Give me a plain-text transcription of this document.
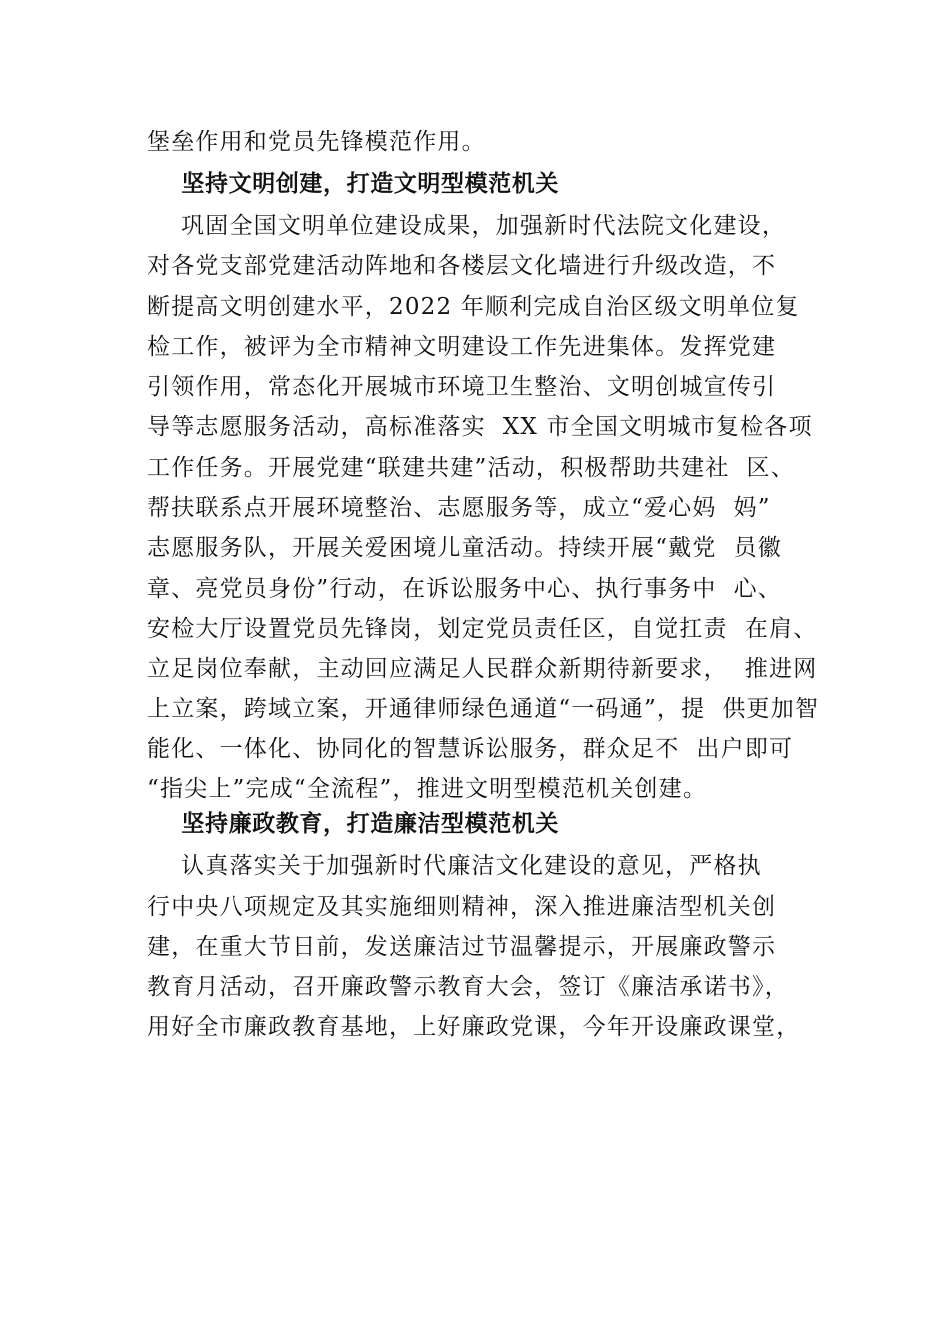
堡垒作用和党员先锋模范作用。
坚持文明创建，打造文明型模范机关
巩固全国文明单位建设成果，加强新时代法院文化建设，
对各党支部党建活动阵地和各楼层文化墙进行升级改造，不
断提高文明创建水平，2022 年顺利完成自治区级文明单位复
检工作，被评为全市精神文明建设工作先进集体。发挥党建
引领作用，常态化开展城市环境卫生整治、文明创城宣传引
导等志愿服务活动，高标准落实  XX 市全国文明城市复检各项
工作任务。开展党建“联建共建”活动，积极帮助共建社  区、
帮扶联系点开展环境整治、志愿服务等，成立“爱心妈  妈”
志愿服务队，开展关爱困境儿童活动。持续开展“戴党  员徽
章、亮党员身份”行动，在诉讼服务中心、执行事务中  心、
安检大厅设置党员先锋岗，划定党员责任区，自觉扛责  在肩、
立足岗位奉献，主动回应满足人民群众新期待新要求，  推进网
上立案，跨域立案，开通律师绿色通道“一码通”，提  供更加智
能化、一体化、协同化的智慧诉讼服务，群众足不  出户即可
“指尖上”完成“全流程”，推进文明型模范机关创建。
坚持廉政教育，打造廉洁型模范机关
认真落实关于加强新时代廉洁文化建设的意见，严格执
行中央八项规定及其实施细则精神，深入推进廉洁型机关创
建，在重大节日前，发送廉洁过节温馨提示，开展廉政警示
教育月活动，召开廉政警示教育大会，签订《廉洁承诺书》，
用好全市廉政教育基地，上好廉政党课，今年开设廉政课堂，
